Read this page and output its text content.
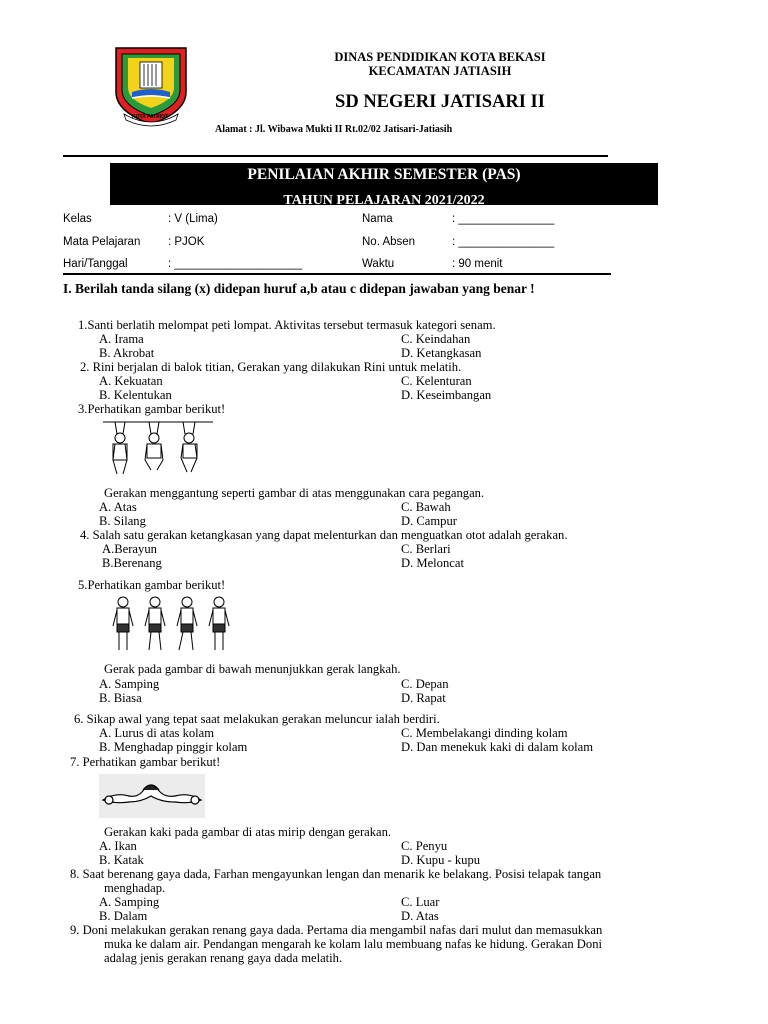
KOTA PATRIOT
DINAS PENDIDIKAN KOTA BEKASI
KECAMATAN JATIASIH
SD NEGERI JATISARI II
Alamat : Jl. Wibawa Mukti II Rt.02/02 Jatisari-Jatiasih
PENILAIAN AKHIR SEMESTER (PAS)
TAHUN PELAJARAN 2021/2022
Kelas	: V (Lima)	Nama	: _______________
Mata Pelajaran : PJOK	No. Absen	: _______________
Hari/Tanggal	: ____________________	Waktu	: 90 menit
I. Berilah tanda silang (x) didepan huruf a,b atau c didepan jawaban yang benar !
1.Santi berlatih melompat peti lompat. Aktivitas tersebut termasuk kategori senam.
A. Irama	C. Keindahan
B. Akrobat	D. Ketangkasan
2. Rini berjalan di balok titian, Gerakan yang dilakukan Rini untuk melatih.
A. Kekuatan	C. Kelenturan
B. Kelentukan	D. Keseimbangan
3.Perhatikan gambar berikut!
Gerakan menggantung seperti gambar di atas menggunakan cara pegangan.
A. Atas	C. Bawah
B. Silang	D. Campur
4. Salah satu gerakan ketangkasan yang dapat melenturkan dan menguatkan otot adalah gerakan.
A.Berayun	C. Berlari
B.Berenang	D. Meloncat
5.Perhatikan gambar berikut!
Gerak pada gambar di bawah menunjukkan gerak langkah.
A. Samping	C. Depan
B. Biasa	D. Rapat
6. Sikap awal yang tepat saat melakukan gerakan meluncur ialah berdiri.
A. Lurus di atas kolam	C. Membelakangi dinding kolam
B. Menghadap pinggir kolam	D. Dan menekuk kaki di dalam kolam
7. Perhatikan gambar berikut!
Gerakan kaki pada gambar di atas mirip dengan gerakan.
A. Ikan	C. Penyu
B. Katak	D. Kupu - kupu
8. Saat berenang gaya dada, Farhan mengayunkan lengan dan menarik ke belakang. Posisi telapak tangan
menghadap.
A. Samping	C. Luar
B. Dalam	D. Atas
9. Doni melakukan gerakan renang gaya dada. Pertama dia mengambil nafas dari mulut dan memasukkan
muka ke dalam air. Pendangan mengarah ke kolam lalu membuang nafas ke hidung. Gerakan Doni
adalag jenis gerakan renang gaya dada melatih.
